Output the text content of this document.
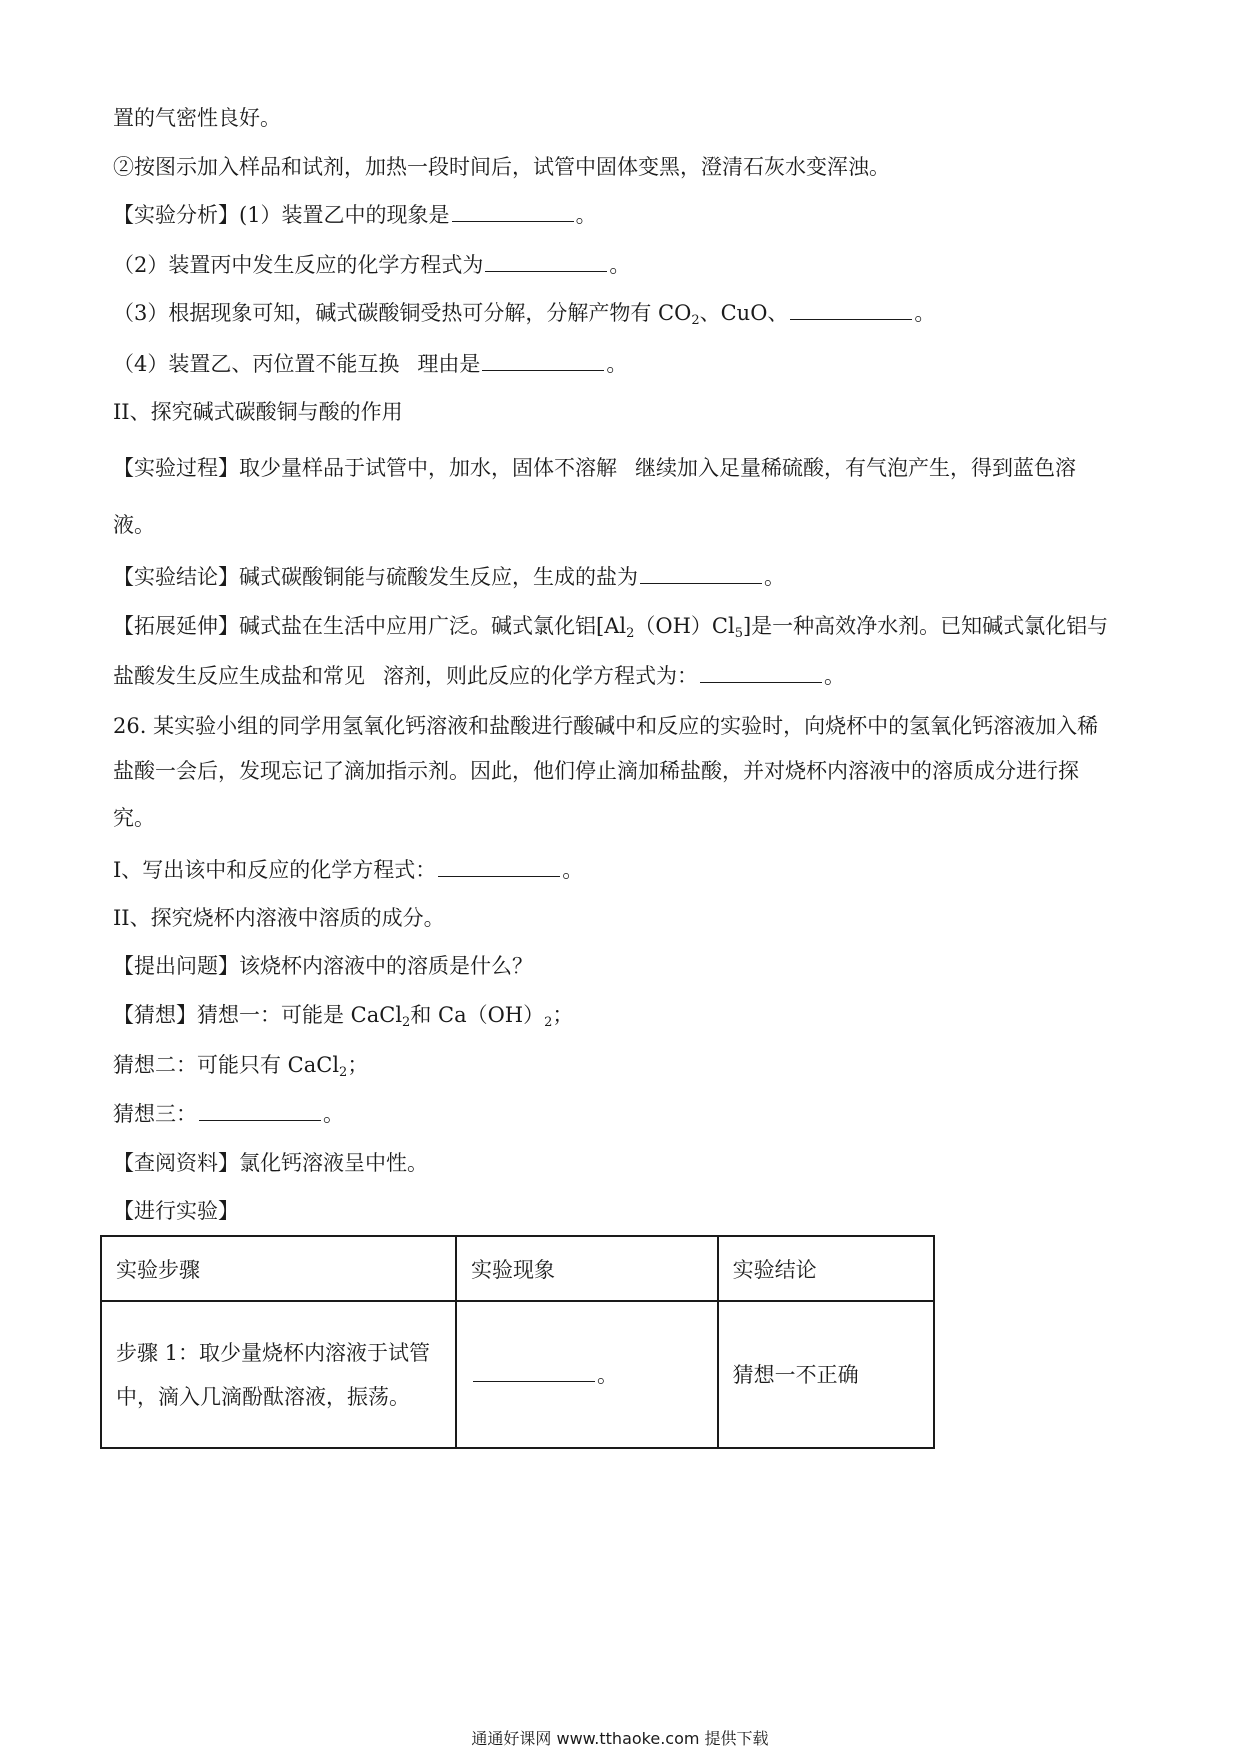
置的气密性良好。
②按图示加入样品和试剂，加热一段时间后，试管中固体变黑，澄清石灰水变浑浊。
【实验分析】(1）装置乙中的现象是	。
（2）装置丙中发生反应的化学方程式为	。
（3）根据现象可知，碱式碳酸铜受热可分解，分解产物有 $CO_2$、CuO、	。
（4）装置乙、丙位置不能互换 理由是	。
II、探究碱式碳酸铜与酸的作用
【实验过程】取少量样品于试管中，加水，固体不溶解 继续加入足量稀硫酸，有气泡产生，得到蓝色溶
液。
【实验结论】碱式碳酸铜能与硫酸发生反应，生成的盐为	。
【拓展延伸】碱式盐在生活中应用广泛。碱式氯化铝$[Al_2(OH)Cl_5]$是一种高效净水剂。已知碱式氯化铝与
盐酸发生反应生成盐和常见 溶剂，则此反应的化学方程式为：	。
26. 某实验小组的同学用氢氧化钙溶液和盐酸进行酸碱中和反应的实验时，向烧杯中的氢氧化钙溶液加入稀
盐酸一会后，发现忘记了滴加指示剂。因此，他们停止滴加稀盐酸，并对烧杯内溶液中的溶质成分进行探
究。
I、写出该中和反应的化学方程式：	。
II、探究烧杯内溶液中溶质的成分。
【提出问题】该烧杯内溶液中的溶质是什么？
【猜想】猜想一：可能是 CaCl$_2$和 $Ca(OH)_2$；
猜想二：可能只有 CaCl$_2$；
猜想三：	。
【查阅资料】氯化钙溶液呈中性。
【进行实验】
实验步骤	实验现象	实验结论

步骤 1：取少量烧杯内溶液于试管
中，滴入几滴酚酞溶液，振荡。	。	猜想一不正确
通通好课网 www.tthaoke.com 提供下载
